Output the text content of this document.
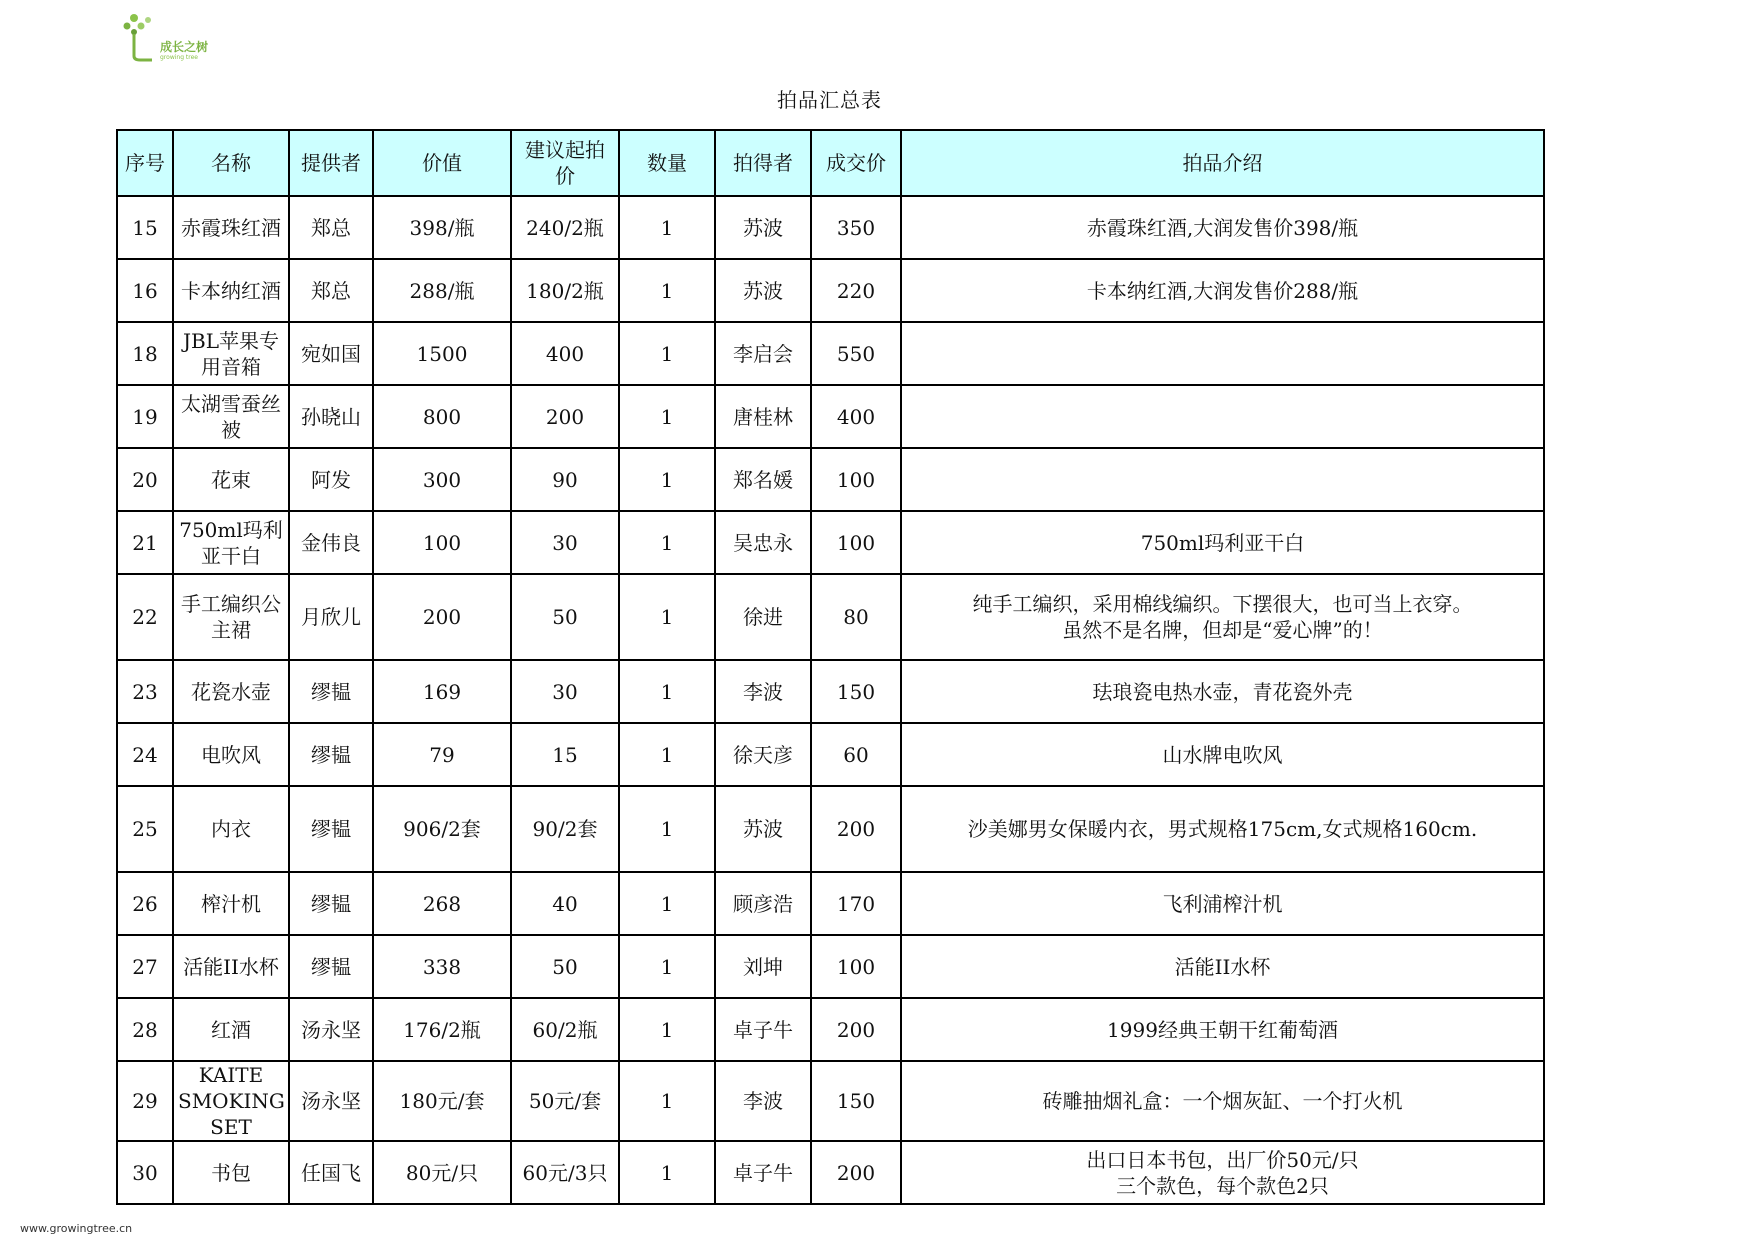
成长之树
growing tree
拍品汇总表
序号	名称	提供者	价值	建议起拍价	数量	拍得者	成交价	拍品介绍
15	赤霞珠红酒	郑总	398/瓶	240/2瓶	1	苏波	350	赤霞珠红酒,大润发售价398/瓶
16	卡本纳红酒	郑总	288/瓶	180/2瓶	1	苏波	220	卡本纳红酒,大润发售价288/瓶
18	JBL苹果专用音箱	宛如国	1500	400	1	李启会	550	
19	太湖雪蚕丝被	孙晓山	800	200	1	唐桂林	400	
20	花束	阿发	300	90	1	郑名媛	100	
21	750ml玛利亚干白	金伟良	100	30	1	吴忠永	100	750ml玛利亚干白
22	手工编织公主裙	月欣儿	200	50	1	徐进	80	纯手工编织，采用棉线编织。下摆很大，也可当上衣穿。
虽然不是名牌，但却是“爱心牌”的！
23	花瓷水壶	缪韫	169	30	1	李波	150	珐琅瓷电热水壶，青花瓷外壳
24	电吹风	缪韫	79	15	1	徐天彦	60	山水牌电吹风
25	内衣	缪韫	906/2套	90/2套	1	苏波	200	沙美娜男女保暖内衣，男式规格175cm,女式规格160cm.
26	榨汁机	缪韫	268	40	1	顾彦浩	170	飞利浦榨汁机
27	活能II水杯	缪韫	338	50	1	刘坤	100	活能II水杯
28	红酒	汤永坚	176/2瓶	60/2瓶	1	卓子牛	200	1999经典王朝干红葡萄酒
29	KAITE SMOKING SET	汤永坚	180元/套	50元/套	1	李波	150	砖雕抽烟礼盒：一个烟灰缸、一个打火机
30	书包	任国飞	80元/只	60元/3只	1	卓子牛	200	出口日本书包，出厂价50元/只
三个款色，每个款色2只
www.growingtree.cn
